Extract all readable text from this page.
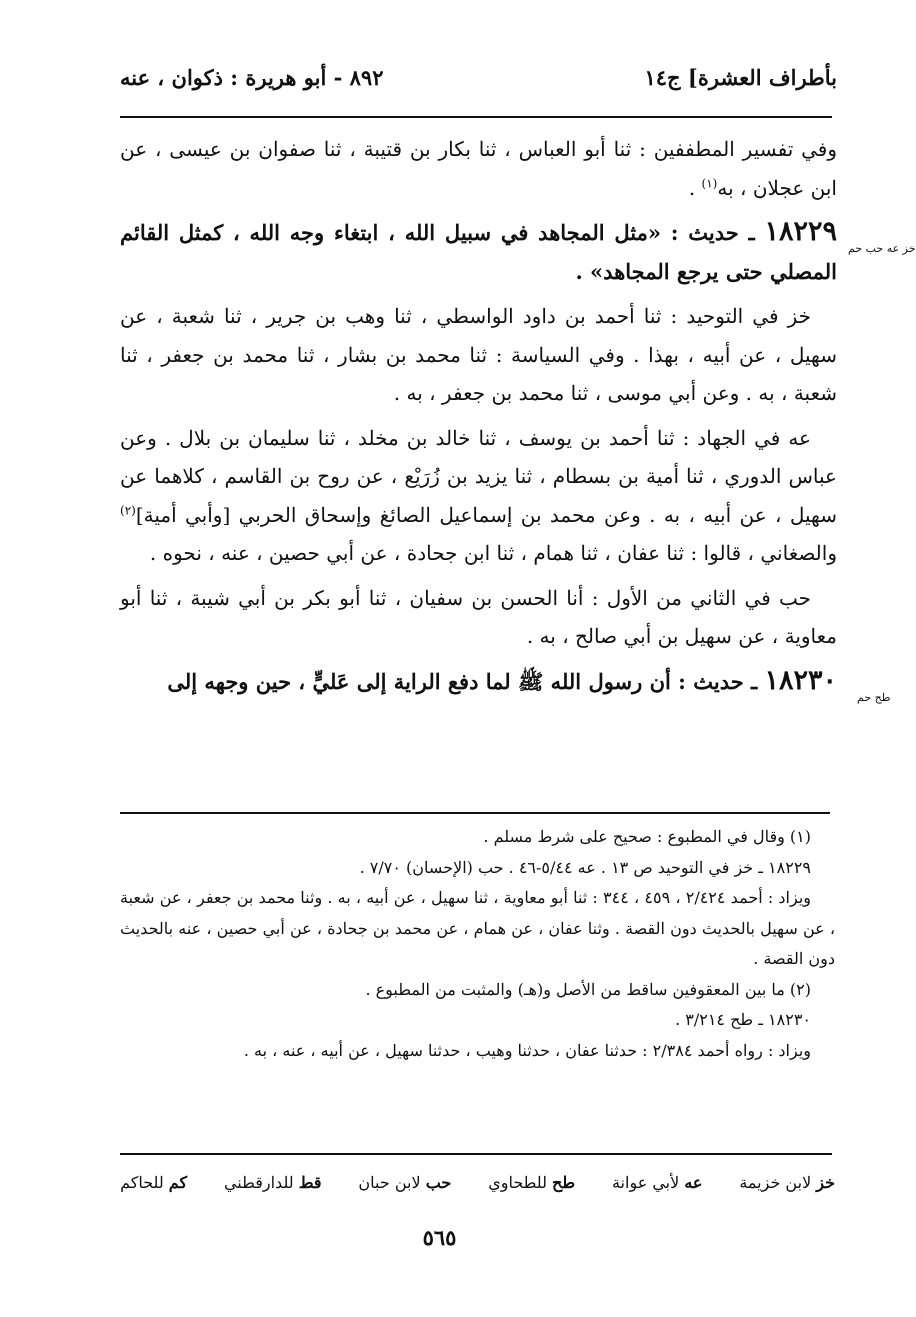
بأطراف العشرة] ج١٤
٨٩٢ - أبو هريرة : ذكوان ، عنه

وفي تفسير المطففين : ثنا أبو العباس ، ثنا بكار بن قتيبة ، ثنا صفوان بن عيسى ، عن ابن عجلان ، به$^{(١)}$ .

١٨٢٢٩ ـ حديث : «مثل المجاهد في سبيل الله ، ابتغاء وجه الله ، كمثل القائم المصلي حتى يرجع المجاهد» .
خز عه حب حم

خز في التوحيد : ثنا أحمد بن داود الواسطي ، ثنا وهب بن جرير ، ثنا شعبة ، عن سهيل ، عن أبيه ، بهذا . وفي السياسة : ثنا محمد بن بشار ، ثنا محمد بن جعفر ، ثنا شعبة ، به . وعن أبي موسى ، ثنا محمد بن جعفر ، به .

عه في الجهاد : ثنا أحمد بن يوسف ، ثنا خالد بن مخلد ، ثنا سليمان بن بلال . وعن عباس الدوري ، ثنا أمية بن بسطام ، ثنا يزيد بن زُرَيْع ، عن روح بن القاسم ، كلاهما عن سهيل ، عن أبيه ، به . وعن محمد بن إسماعيل الصائغ وإسحاق الحربي [وأبي أمية]$^{(٢)}$ والصغاني ، قالوا : ثنا عفان ، ثنا همام ، ثنا ابن جحادة ، عن أبي حصين ، عنه ، نحوه .

حب في الثاني من الأول : أنا الحسن بن سفيان ، ثنا أبو بكر بن أبي شيبة ، ثنا أبو معاوية ، عن سهيل بن أبي صالح ، به .

١٨٢٣٠ ـ حديث : أن رسول الله ﷺ لما دفع الراية إلى عَليٍّ ، حين وجهه إلى
طح حم

(١) وقال في المطبوع : صحيح على شرط مسلم .

١٨٢٢٩ ـ خز في التوحيد ص ١٣ . عه ٥/٤٤-٤٦ . حب (الإحسان) ٧/٧٠ .

ويزاد : أحمد ٢/٤٢٤ ، ٤٥٩ ، ٣٤٤ : ثنا أبو معاوية ، ثنا سهيل ، عن أبيه ، به . وثنا محمد بن جعفر ، عن شعبة ، عن سهيل بالحديث دون القصة . وثنا عفان ، عن همام ، عن محمد بن جحادة ، عن أبي حصين ، عنه بالحديث دون القصة .

(٢) ما بين المعقوفين ساقط من الأصل و(هـ) والمثبت من المطبوع .

١٨٢٣٠ ـ طح ٣/٢١٤ .

ويزاد : رواه أحمد ٢/٣٨٤ : حدثنا عفان ، حدثنا وهيب ، حدثنا سهيل ، عن أبيه ، عنه ، به .

خز لابن خزيمة
عه لأبي عوانة
طح للطحاوي
حب لابن حبان
قط للدارقطني
كم للحاكم
٥٦٥
